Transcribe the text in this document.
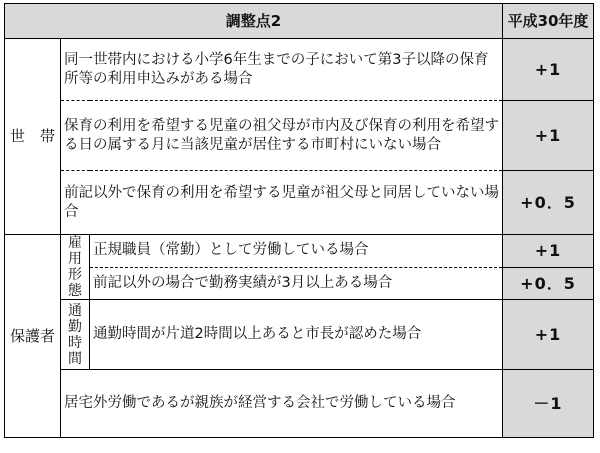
調整点2			平成30年度
世　帯	同一世帯内における小学6年生までの子において第3子以降の保育所等の利用申込みがある場合		+1
	保育の利用を希望する児童の祖父母が市内及び保育の利用を希望する日の属する月に当該児童が居住する市町村にいない場合		+1
	前記以外で保育の利用を希望する児童が祖父母と同居していない場合		+0．5
保護者	雇用形態	正規職員（常勤）として労働している場合	+1
		前記以外の場合で勤務実績が3月以上ある場合	+0．5
	通勤時間	通勤時間が片道2時間以上あると市長が認めた場合	+1
	居宅外労働であるが親族が経営する会社で労働している場合		－1
